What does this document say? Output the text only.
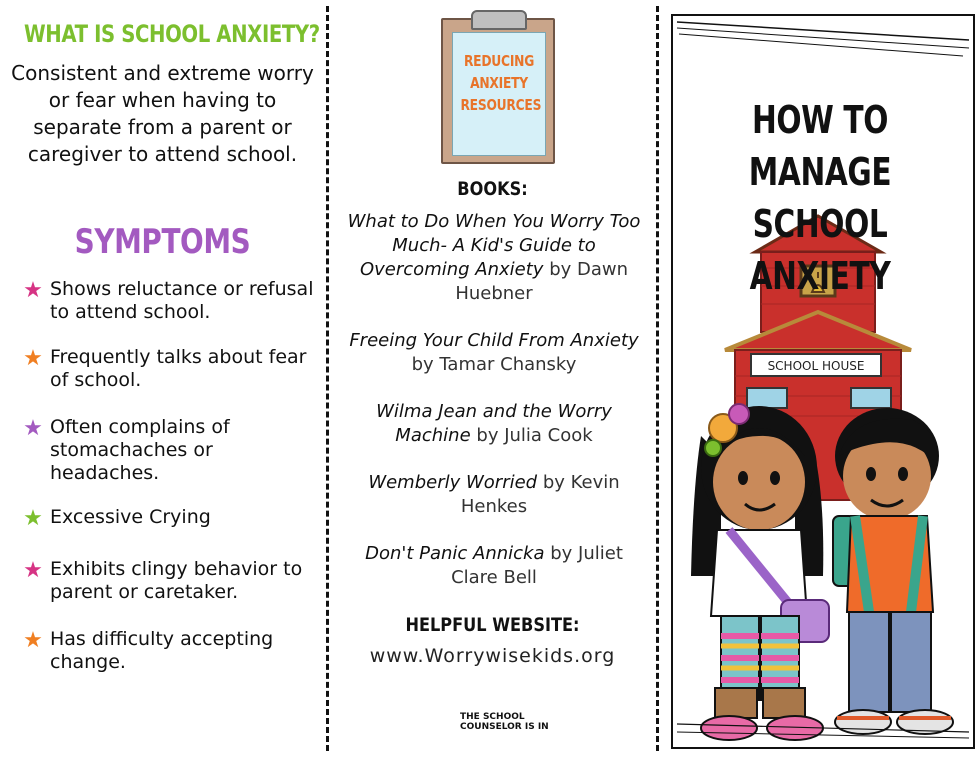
WHAT IS SCHOOL ANXIETY?
Consistent and extreme worry or fear when having to separate from a parent or caregiver to attend school.
SYMPTOMS
★ Shows reluctance or refusal to attend school.
★ Frequently talks about fear of school.
★ Often complains of stomachaches or headaches.
★ Excessive Crying
★ Exhibits clingy behavior to parent or caretaker.
★ Has difficulty accepting change.
REDUCING ANXIETY RESOURCES
BOOKS:
What to Do When You Worry Too Much- A Kid's Guide to Overcoming Anxiety by Dawn Huebner
Freeing Your Child From Anxiety by Tamar Chansky
Wilma Jean and the Worry Machine by Julia Cook
Wemberly Worried by Kevin Henkes
Don't Panic Annicka by Juliet Clare Bell
HELPFUL WEBSITE:
www.Worrywisekids.org
THE SCHOOL
COUNSELOR IS IN
SCHOOL HOUSE
HOW TO MANAGE SCHOOL ANXIETY
